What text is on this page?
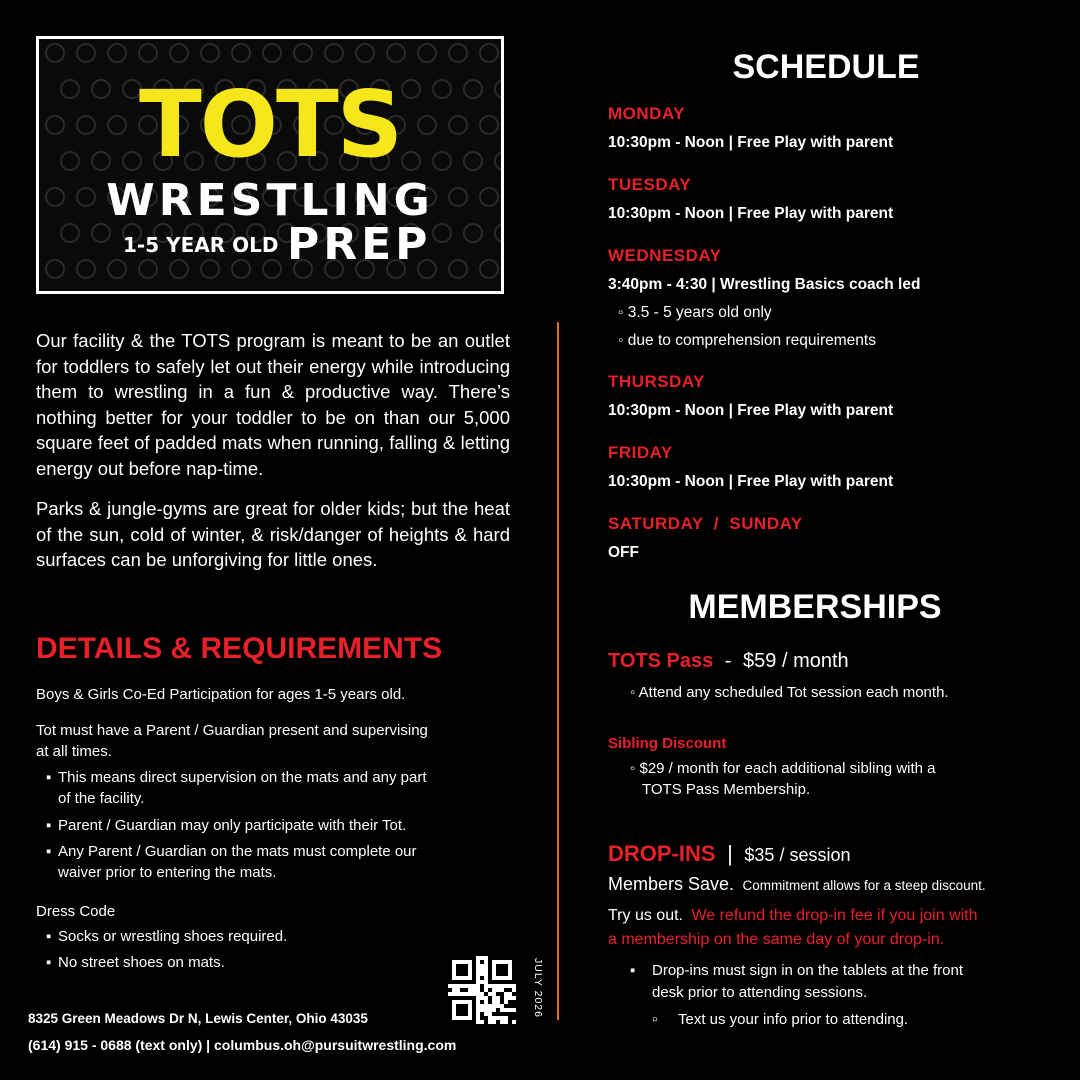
TOTS
WRESTLING
1-5 YEAR OLD PREP
Our facility & the TOTS program is meant to be an outlet for toddlers to safely let out their energy while introducing them to wrestling in a fun & productive way. There’s nothing better for your toddler to be on than our 5,000 square feet of padded mats when running, falling & letting energy out before nap-time.
Parks & jungle-gyms are great for older kids; but the heat of the sun, cold of winter, & risk/danger of heights & hard surfaces can be unforgiving for little ones.
DETAILS & REQUIREMENTS
Boys & Girls Co-Ed Participation for ages 1-5 years old.
Tot must have a Parent / Guardian present and supervising
at all times.
▪ This means direct supervision on the mats and any part
of the facility.
▪ Parent / Guardian may only participate with their Tot.
▪ Any Parent / Guardian on the mats must complete our
waiver prior to entering the mats.
Dress Code
▪ Socks or wrestling shoes required.
▪ No street shoes on mats.	JULY 2026
8325 Green Meadows Dr N, Lewis Center, Ohio 43035
(614) 915 - 0688 (text only) | columbus.oh@pursuitwrestling.com
SCHEDULE
MONDAY
10:30pm - Noon | Free Play with parent
TUESDAY
10:30pm - Noon | Free Play with parent
WEDNESDAY
3:40pm - 4:30 | Wrestling Basics coach led
◦ 3.5 - 5 years old only
◦ due to comprehension requirements
THURSDAY
10:30pm - Noon | Free Play with parent
FRIDAY
10:30pm - Noon | Free Play with parent
SATURDAY  /  SUNDAY
OFF
MEMBERSHIPS
TOTS Pass - $59 / month
◦ Attend any scheduled Tot session each month.
Sibling Discount
◦ $29 / month for each additional sibling with a
TOTS Pass Membership.
DROP-INS | $35 / session
Members Save. Commitment allows for a steep discount.
Try us out. We refund the drop-in fee if you join with
a membership on the same day of your drop-in.
▪ Drop-ins must sign in on the tablets at the front
desk prior to attending sessions.
▫ Text us your info prior to attending.
